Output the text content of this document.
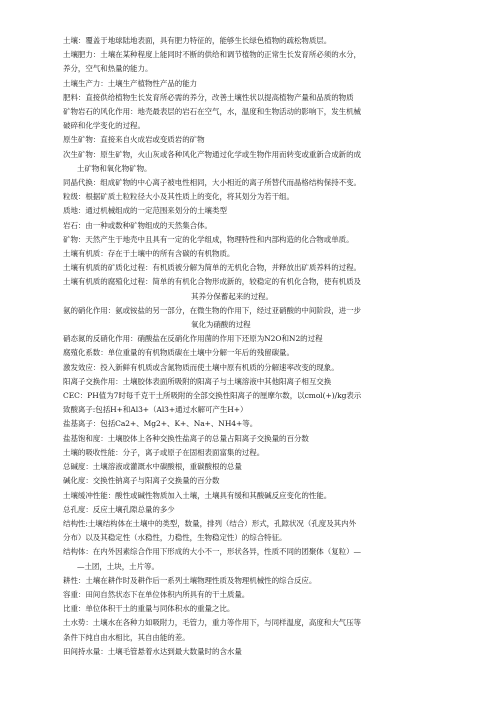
土壤：覆盖于地球陆地表面，具有肥力特征的，能够生长绿色植物的疏松物质层。

土壤肥力：土壤在某种程度上能同时不断的供给和调节植物的正常生长发育所必须的水分，

养分，空气和热量的能力。

土壤生产力：土壤生产植物性产品的能力

肥料：直接供给植物生长发育所必需的养分，改善土壤性状以提高植物产量和品质的物质

矿物岩石的风化作用：地壳最表层的岩石在空气，水，温度和生物活动的影响下，发生机械

破碎和化学变化的过程。

原生矿物：直接来自火成岩或变质岩的矿物

次生矿物：原生矿物，火山灰或各种风化产物通过化学或生物作用而转变或重新合成新的成

土矿物和氧化物矿物。

同晶代换：组成矿物的中心离子被电性相同，大小相近的离子所替代而晶格结构保持不变。

粒级：根据矿质土粒粒径大小及其性质上的变化，将其划分为若干组。

质地：通过机械组成的一定范围来划分的土壤类型

岩石：由一种或数种矿物组成的天然集合体。

矿物：天然产生于地壳中且具有一定的化学组成，物理特性和内部构造的化合物或单质。

土壤有机质：存在于土壤中的所有含碳的有机物质。

土壤有机质的矿质化过程：有机质被分解为简单的无机化合物，并释放出矿质养料的过程。

土壤有机质的腐殖化过程：简单的有机化合物形成新的，较稳定的有机化合物，使有机质及

其养分保蓄起来的过程。

氨的硝化作用：氨或铵盐的另一部分，在微生物的作用下，经过亚硝酸的中间阶段，进一步

氧化为硝酸的过程

硝态氮的反硝化作用：硝酸盐在反硝化作用菌的作用下还原为N2O和N2的过程

腐殖化系数：单位重量的有机物质碳在土壤中分解一年后的残留碳量。

激发效应：投入新鲜有机质或含氮物质而使土壤中原有机质的分解速率改变的现象。

阳离子交换作用：土壤胶体表面所吸附的阳离子与土壤溶液中其他阳离子相互交换

CEC：PH值为7时每千克干土所吸附的全部交换性阳离子的厘摩尔数，以cmol(+)/kg表示

致酸离子:包括H+和Al3+（Al3+通过水解可产生H+）

盐基离子：包括Ca2+、Mg2+、K+、Na+、NH4+等。

盐基饱和度：土壤胶体上各种交换性盐离子的总量占阳离子交换量的百分数

土壤的吸收性能：分子，离子或原子在固相表面富集的过程。

总碱度：土壤溶液或灌溉水中碳酸根，重碳酸根的总量

碱化度：交换性钠离子与阳离子交换量的百分数

土壤缓冲性能：酸性或碱性物质加入土壤，土壤具有缓和其酸碱反应变化的性能。

总孔度：反应土壤孔隙总量的多少

结构性:土壤结构体在土壤中的类型，数量，排列（结合）形式，孔隙状况（孔度及其内外

分布）以及其稳定性（水稳性，力稳性，生物稳定性）的综合特征。

结构体：在内外因素综合作用下形成的大小不一，形状各异，性质不同的团聚体（复粒）—

—土团，土块，土片等。

耕性：土壤在耕作时及耕作后一系列土壤物理性质及物理机械性的综合反应。

容重：田间自然状态下在单位体积内所具有的干土质量。

比重：单位体积干土的重量与同体积水的重量之比。

土水势：土壤水在各种力如吸附力，毛管力，重力等作用下，与同样温度，高度和大气压等

条件下纯自由水相比，其自由能的差。

田间持水量：土壤毛管悬着水达到最大数量时的含水量
